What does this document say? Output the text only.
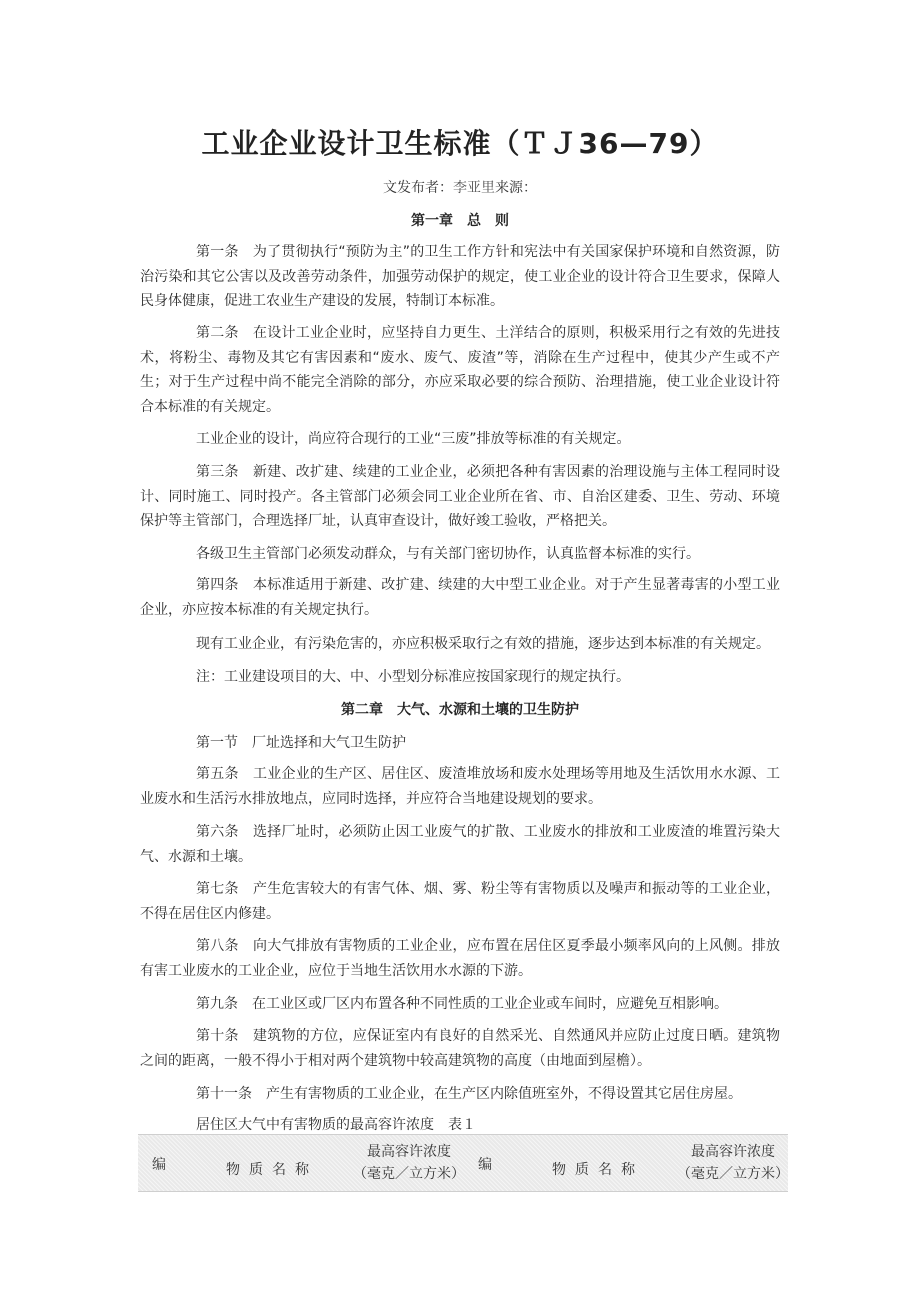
工业企业设计卫生标准（ＴＪ36—79）
文发布者：李亚里来源：
第一章　总　则
第一条　为了贯彻执行“预防为主”的卫生工作方针和宪法中有关国家保护环境和自然资源，防治污染和其它公害以及改善劳动条件，加强劳动保护的规定，使工业企业的设计符合卫生要求，保障人民身体健康，促进工农业生产建设的发展，特制订本标准。
第二条　在设计工业企业时，应坚持自力更生、土洋结合的原则，积极采用行之有效的先进技术，将粉尘、毒物及其它有害因素和“废水、废气、废渣”等，消除在生产过程中，使其少产生或不产生；对于生产过程中尚不能完全消除的部分，亦应采取必要的综合预防、治理措施，使工业企业设计符合本标准的有关规定。
工业企业的设计，尚应符合现行的工业“三废”排放等标准的有关规定。
第三条　新建、改扩建、续建的工业企业，必须把各种有害因素的治理设施与主体工程同时设计、同时施工、同时投产。各主管部门必须会同工业企业所在省、市、自治区建委、卫生、劳动、环境保护等主管部门，合理选择厂址，认真审查设计，做好竣工验收，严格把关。
各级卫生主管部门必须发动群众，与有关部门密切协作，认真监督本标准的实行。
第四条　本标准适用于新建、改扩建、续建的大中型工业企业。对于产生显著毒害的小型工业企业，亦应按本标准的有关规定执行。
现有工业企业，有污染危害的，亦应积极采取行之有效的措施，逐步达到本标准的有关规定。
注：工业建设项目的大、中、小型划分标准应按国家现行的规定执行。
第二章　大气、水源和土壤的卫生防护
第一节　厂址选择和大气卫生防护
第五条　工业企业的生产区、居住区、废渣堆放场和废水处理场等用地及生活饮用水水源、工业废水和生活污水排放地点，应同时选择，并应符合当地建设规划的要求。
第六条　选择厂址时，必须防止因工业废气的扩散、工业废水的排放和工业废渣的堆置污染大气、水源和土壤。
第七条　产生危害较大的有害气体、烟、雾、粉尘等有害物质以及噪声和振动等的工业企业，不得在居住区内修建。
第八条　向大气排放有害物质的工业企业，应布置在居住区夏季最小频率风向的上风侧。排放有害工业废水的工业企业，应位于当地生活饮用水水源的下游。
第九条　在工业区或厂区内布置各种不同性质的工业企业或车间时，应避免互相影响。
第十条　建筑物的方位，应保证室内有良好的自然采光、自然通风并应防止过度日晒。建筑物之间的距离，一般不得小于相对两个建筑物中较高建筑物的高度（由地面到屋檐）。
第十一条　产生有害物质的工业企业，在生产区内除值班室外，不得设置其它居住房屋。
居住区大气中有害物质的最高容许浓度　表１
编	物质名称
最高容许浓度
（毫克／立方米）
编	物质名称
最高容许浓度
（毫克／立方米）
